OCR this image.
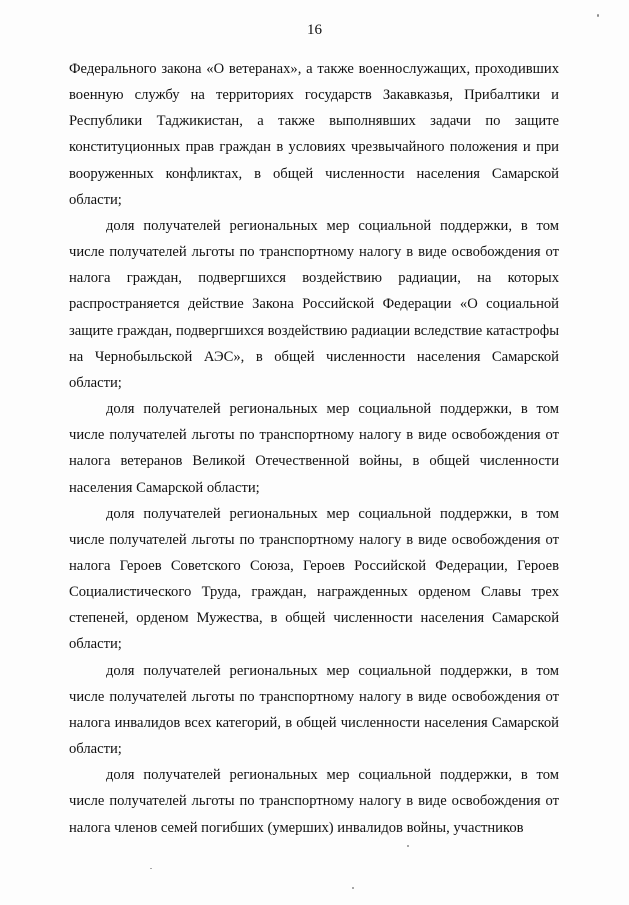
16

Федерального закона «О ветеранах», а также военнослужащих, проходивших военную службу на территориях государств Закавказья, Прибалтики и Республики Таджикистан, а также выполнявших задачи по защите конституционных прав граждан в условиях чрезвычайного положения и при вооруженных конфликтах, в общей численности населения Самарской области;

доля получателей региональных мер социальной поддержки, в том числе получателей льготы по транспортному налогу в виде освобождения от налога граждан, подвергшихся воздействию радиации, на которых распространяется действие Закона Российской Федерации «О социальной защите граждан, подвергшихся воздействию радиации вследствие катастрофы на Чернобыльской АЭС», в общей численности населения Самарской области;

доля получателей региональных мер социальной поддержки, в том числе получателей льготы по транспортному налогу в виде освобождения от налога ветеранов Великой Отечественной войны, в общей численности населения Самарской области;

доля получателей региональных мер социальной поддержки, в том числе получателей льготы по транспортному налогу в виде освобождения от налога Героев Советского Союза, Героев Российской Федерации, Героев Социалистического Труда, граждан, награжденных орденом Славы трех степеней, орденом Мужества, в общей численности населения Самарской области;

доля получателей региональных мер социальной поддержки, в том числе получателей льготы по транспортному налогу в виде освобождения от налога инвалидов всех категорий, в общей численности населения Самарской области;

доля получателей региональных мер социальной поддержки, в том числе получателей льготы по транспортному налогу в виде освобождения от налога членов семей погибших (умерших) инвалидов войны, участников
